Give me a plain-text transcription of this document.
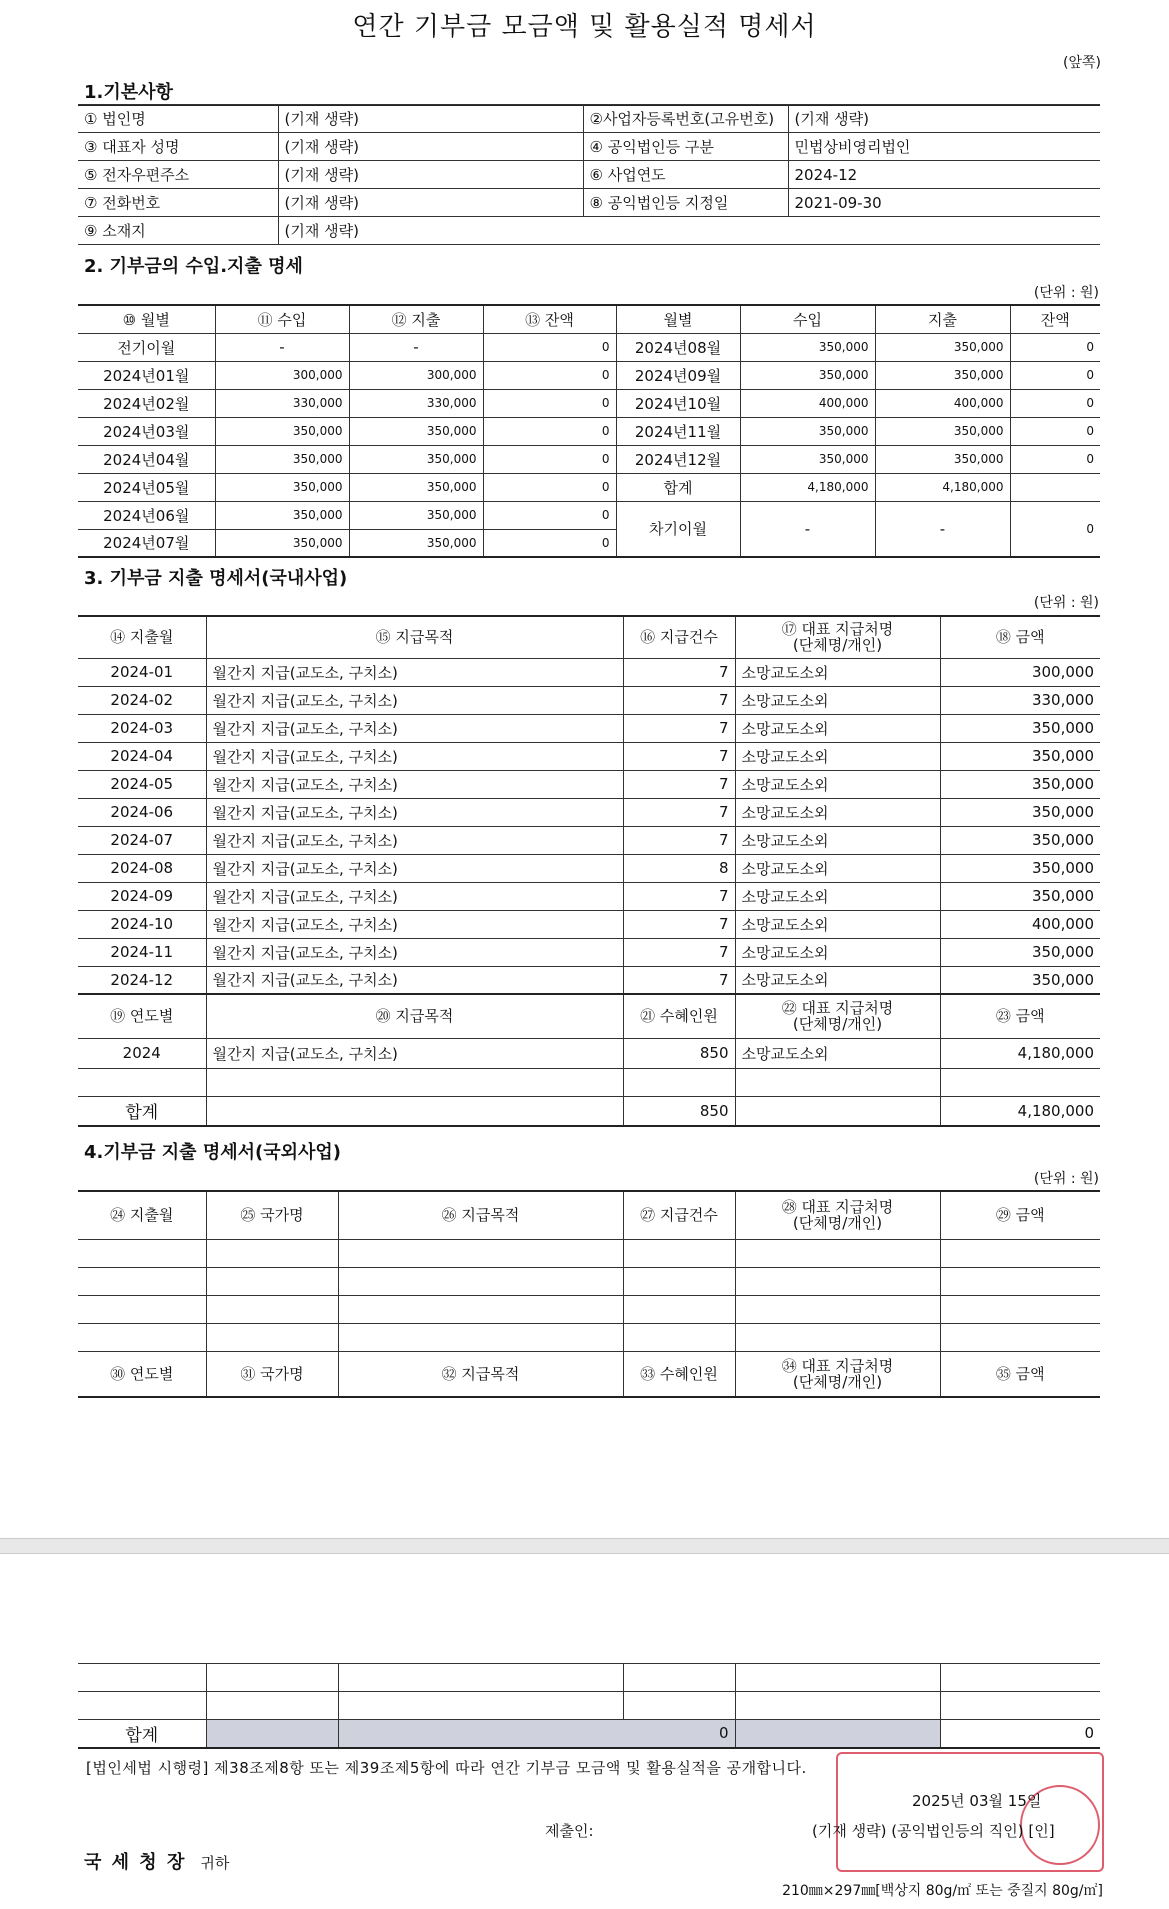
연간 기부금 모금액 및 활용실적 명세서
(앞쪽)
1.기본사항
① 법인명	(기재 생략)	②사업자등록번호(고유번호)	(기재 생략)
③ 대표자 성명	(기재 생략)	④ 공익법인등 구분	민법상비영리법인
⑤ 전자우편주소	(기재 생략)	⑥ 사업연도	2024-12
⑦ 전화번호	(기재 생략)	⑧ 공익법인등 지정일	2021-09-30
⑨ 소재지	(기재 생략)		
2. 기부금의 수입.지출 명세
(단위 : 원)
⑩ 월별	⑪ 수입	⑫ 지출	⑬ 잔액	월별	수입	지출	잔액
전기이월	-	-	0	2024년08월	350,000	350,000	0
2024년01월	300,000	300,000	0	2024년09월	350,000	350,000	0
2024년02월	330,000	330,000	0	2024년10월	400,000	400,000	0
2024년03월	350,000	350,000	0	2024년11월	350,000	350,000	0
2024년04월	350,000	350,000	0	2024년12월	350,000	350,000	0
2024년05월	350,000	350,000	0	합계	4,180,000	4,180,000	
2024년06월	350,000	350,000	0	차기이월	-	-	0
2024년07월	350,000	350,000	0				
3. 기부금 지출 명세서(국내사업)
(단위 : 원)
⑭ 지출월	⑮ 지급목적	⑯ 지급건수	⑰ 대표 지급처명
(단체명/개인)	⑱ 금액
2024-01	월간지 지급(교도소, 구치소)	7	소망교도소외	300,000
2024-02	월간지 지급(교도소, 구치소)	7	소망교도소외	330,000
2024-03	월간지 지급(교도소, 구치소)	7	소망교도소외	350,000
2024-04	월간지 지급(교도소, 구치소)	7	소망교도소외	350,000
2024-05	월간지 지급(교도소, 구치소)	7	소망교도소외	350,000
2024-06	월간지 지급(교도소, 구치소)	7	소망교도소외	350,000
2024-07	월간지 지급(교도소, 구치소)	7	소망교도소외	350,000
2024-08	월간지 지급(교도소, 구치소)	8	소망교도소외	350,000
2024-09	월간지 지급(교도소, 구치소)	7	소망교도소외	350,000
2024-10	월간지 지급(교도소, 구치소)	7	소망교도소외	400,000
2024-11	월간지 지급(교도소, 구치소)	7	소망교도소외	350,000
2024-12	월간지 지급(교도소, 구치소)	7	소망교도소외	350,000
⑲ 연도별	⑳ 지급목적	㉑ 수혜인원	㉒ 대표 지급처명
(단체명/개인)	㉓ 금액
2024	월간지 지급(교도소, 구치소)	850	소망교도소외	4,180,000

합계		850		4,180,000
4.기부금 지출 명세서(국외사업)
(단위 : 원)
㉔ 지출월	㉕ 국가명	㉖ 지급목적	㉗ 지급건수	㉘ 대표 지급처명
(단체명/개인)	㉙ 금액

㉚ 연도별	㉛ 국가명	㉜ 지급목적	㉝ 수혜인원	㉞ 대표 지급처명
(단체명/개인)	㉟ 금액

합계		0			0
[법인세법 시행령] 제38조제8항 또는 제39조제5항에 따라 연간 기부금 모금액 및 활용실적을 공개합니다.
2025년 03월 15일
제출인:	(기재 생략) (공익법인등의 직인) [인]
국 세 청 장 귀하
210㎜×297㎜[백상지 80g/㎡ 또는 중질지 80g/㎡]
